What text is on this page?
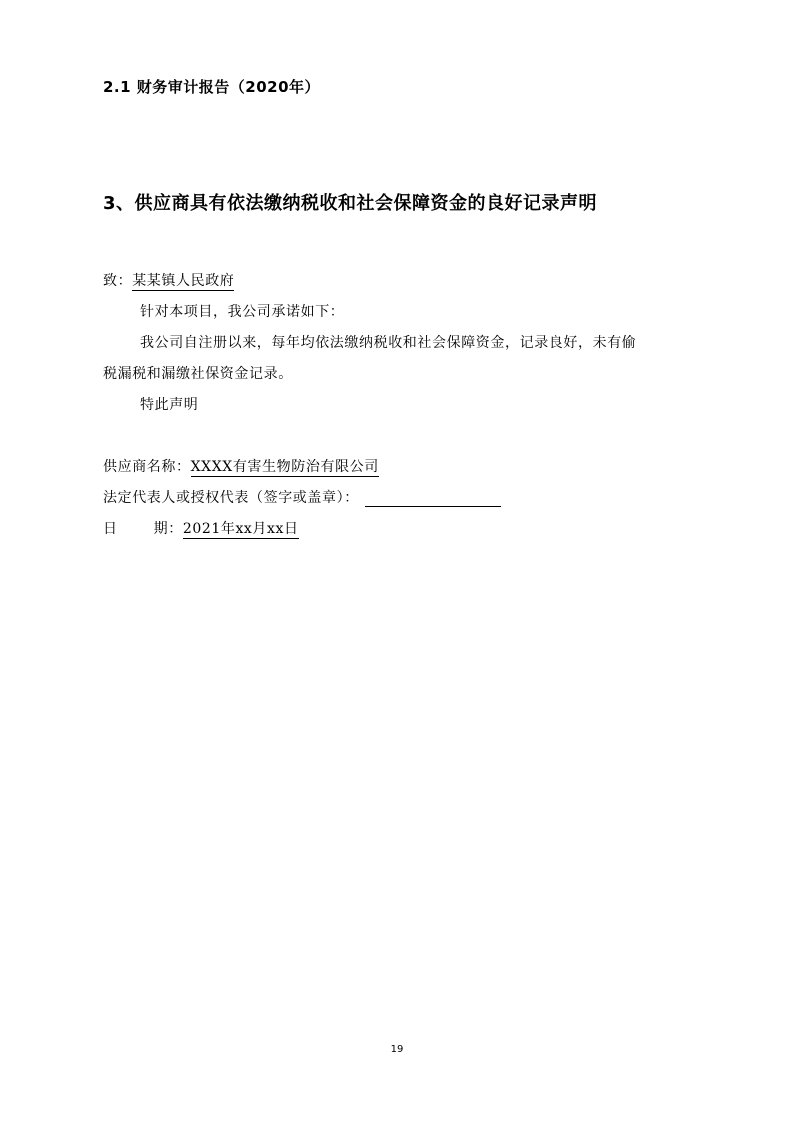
2.1 财务审计报告（2020年）
3、供应商具有依法缴纳税收和社会保障资金的良好记录声明
致：某某镇人民政府
针对本项目，我公司承诺如下：
我公司自注册以来，每年均依法缴纳税收和社会保障资金，记录良好，未有偷
税漏税和漏缴社保资金记录。
特此声明
供应商名称：XXXX有害生物防治有限公司
法定代表人或授权代表（签字或盖章）：
日	期：2021年xx月xx日
19
